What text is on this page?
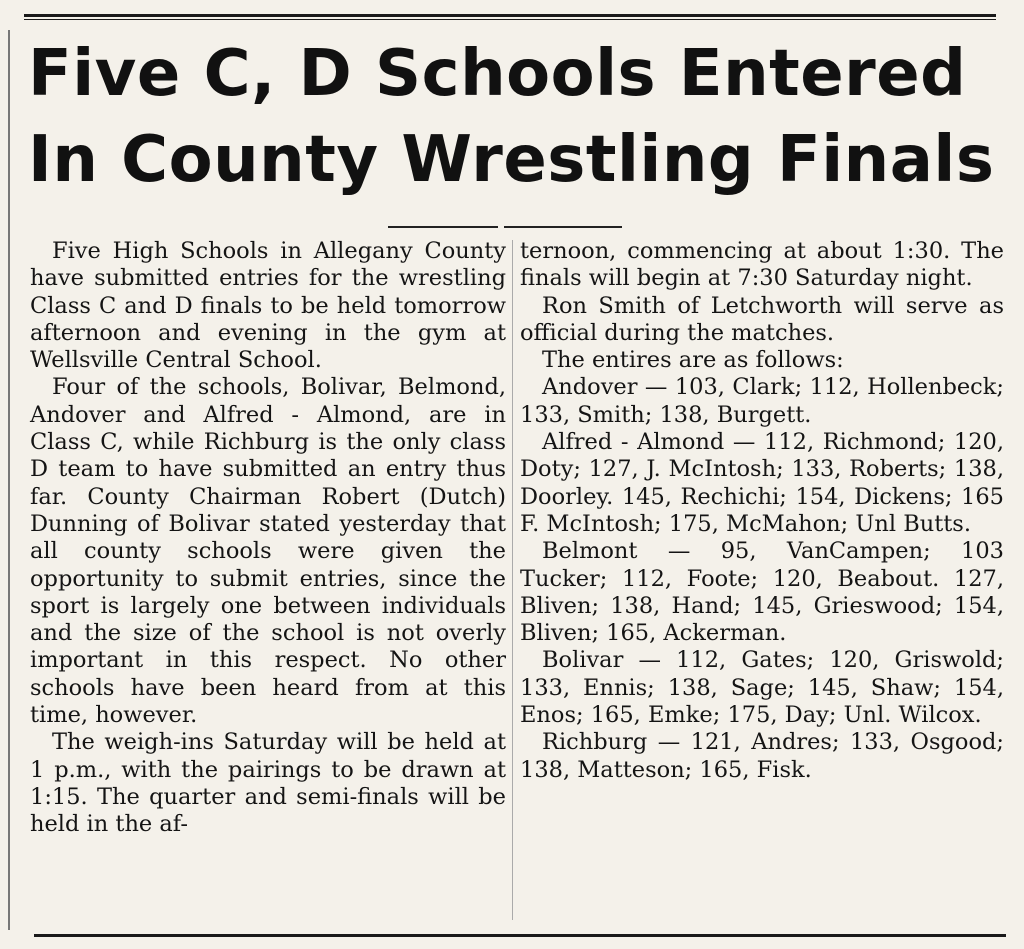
Five C, D Schools Entered
In County Wrestling Finals

Five High Schools in Allegany County have submitted entries for the wrestling Class C and D finals to be held tomorrow afternoon and evening in the gym at Wellsville Central School.

Four of the schools, Bolivar, Belmond, Andover and Alfred - Almond, are in Class C, while Richburg is the only class D team to have submitted an entry thus far. County Chairman Robert (Dutch) Dunning of Bolivar stated yesterday that all county schools were given the opportunity to submit entries, since the sport is largely one between individuals and the size of the school is not overly important in this respect. No other schools have been heard from at this time, however.

The weigh-ins Saturday will be held at 1 p.m., with the pairings to be drawn at 1:15. The quarter and semi-finals will be held in the af-

ternoon, commencing at about 1:30. The finals will begin at 7:30 Saturday night.

Ron Smith of Letchworth will serve as official during the matches.

The entires are as follows:

Andover — 103, Clark; 112, Hollenbeck; 133, Smith; 138, Burgett.

Alfred - Almond — 112, Richmond; 120, Doty; 127, J. McIntosh; 133, Roberts; 138, Doorley. 145, Rechichi; 154, Dickens; 165 F. McIntosh; 175, McMahon; Unl Butts.

Belmont — 95, VanCampen; 103 Tucker; 112, Foote; 120, Beabout. 127, Bliven; 138, Hand; 145, Grieswood; 154, Bliven; 165, Ackerman.

Bolivar — 112, Gates; 120, Griswold; 133, Ennis; 138, Sage; 145, Shaw; 154, Enos; 165, Emke; 175, Day; Unl. Wilcox.

Richburg — 121, Andres; 133, Osgood; 138, Matteson; 165, Fisk.
